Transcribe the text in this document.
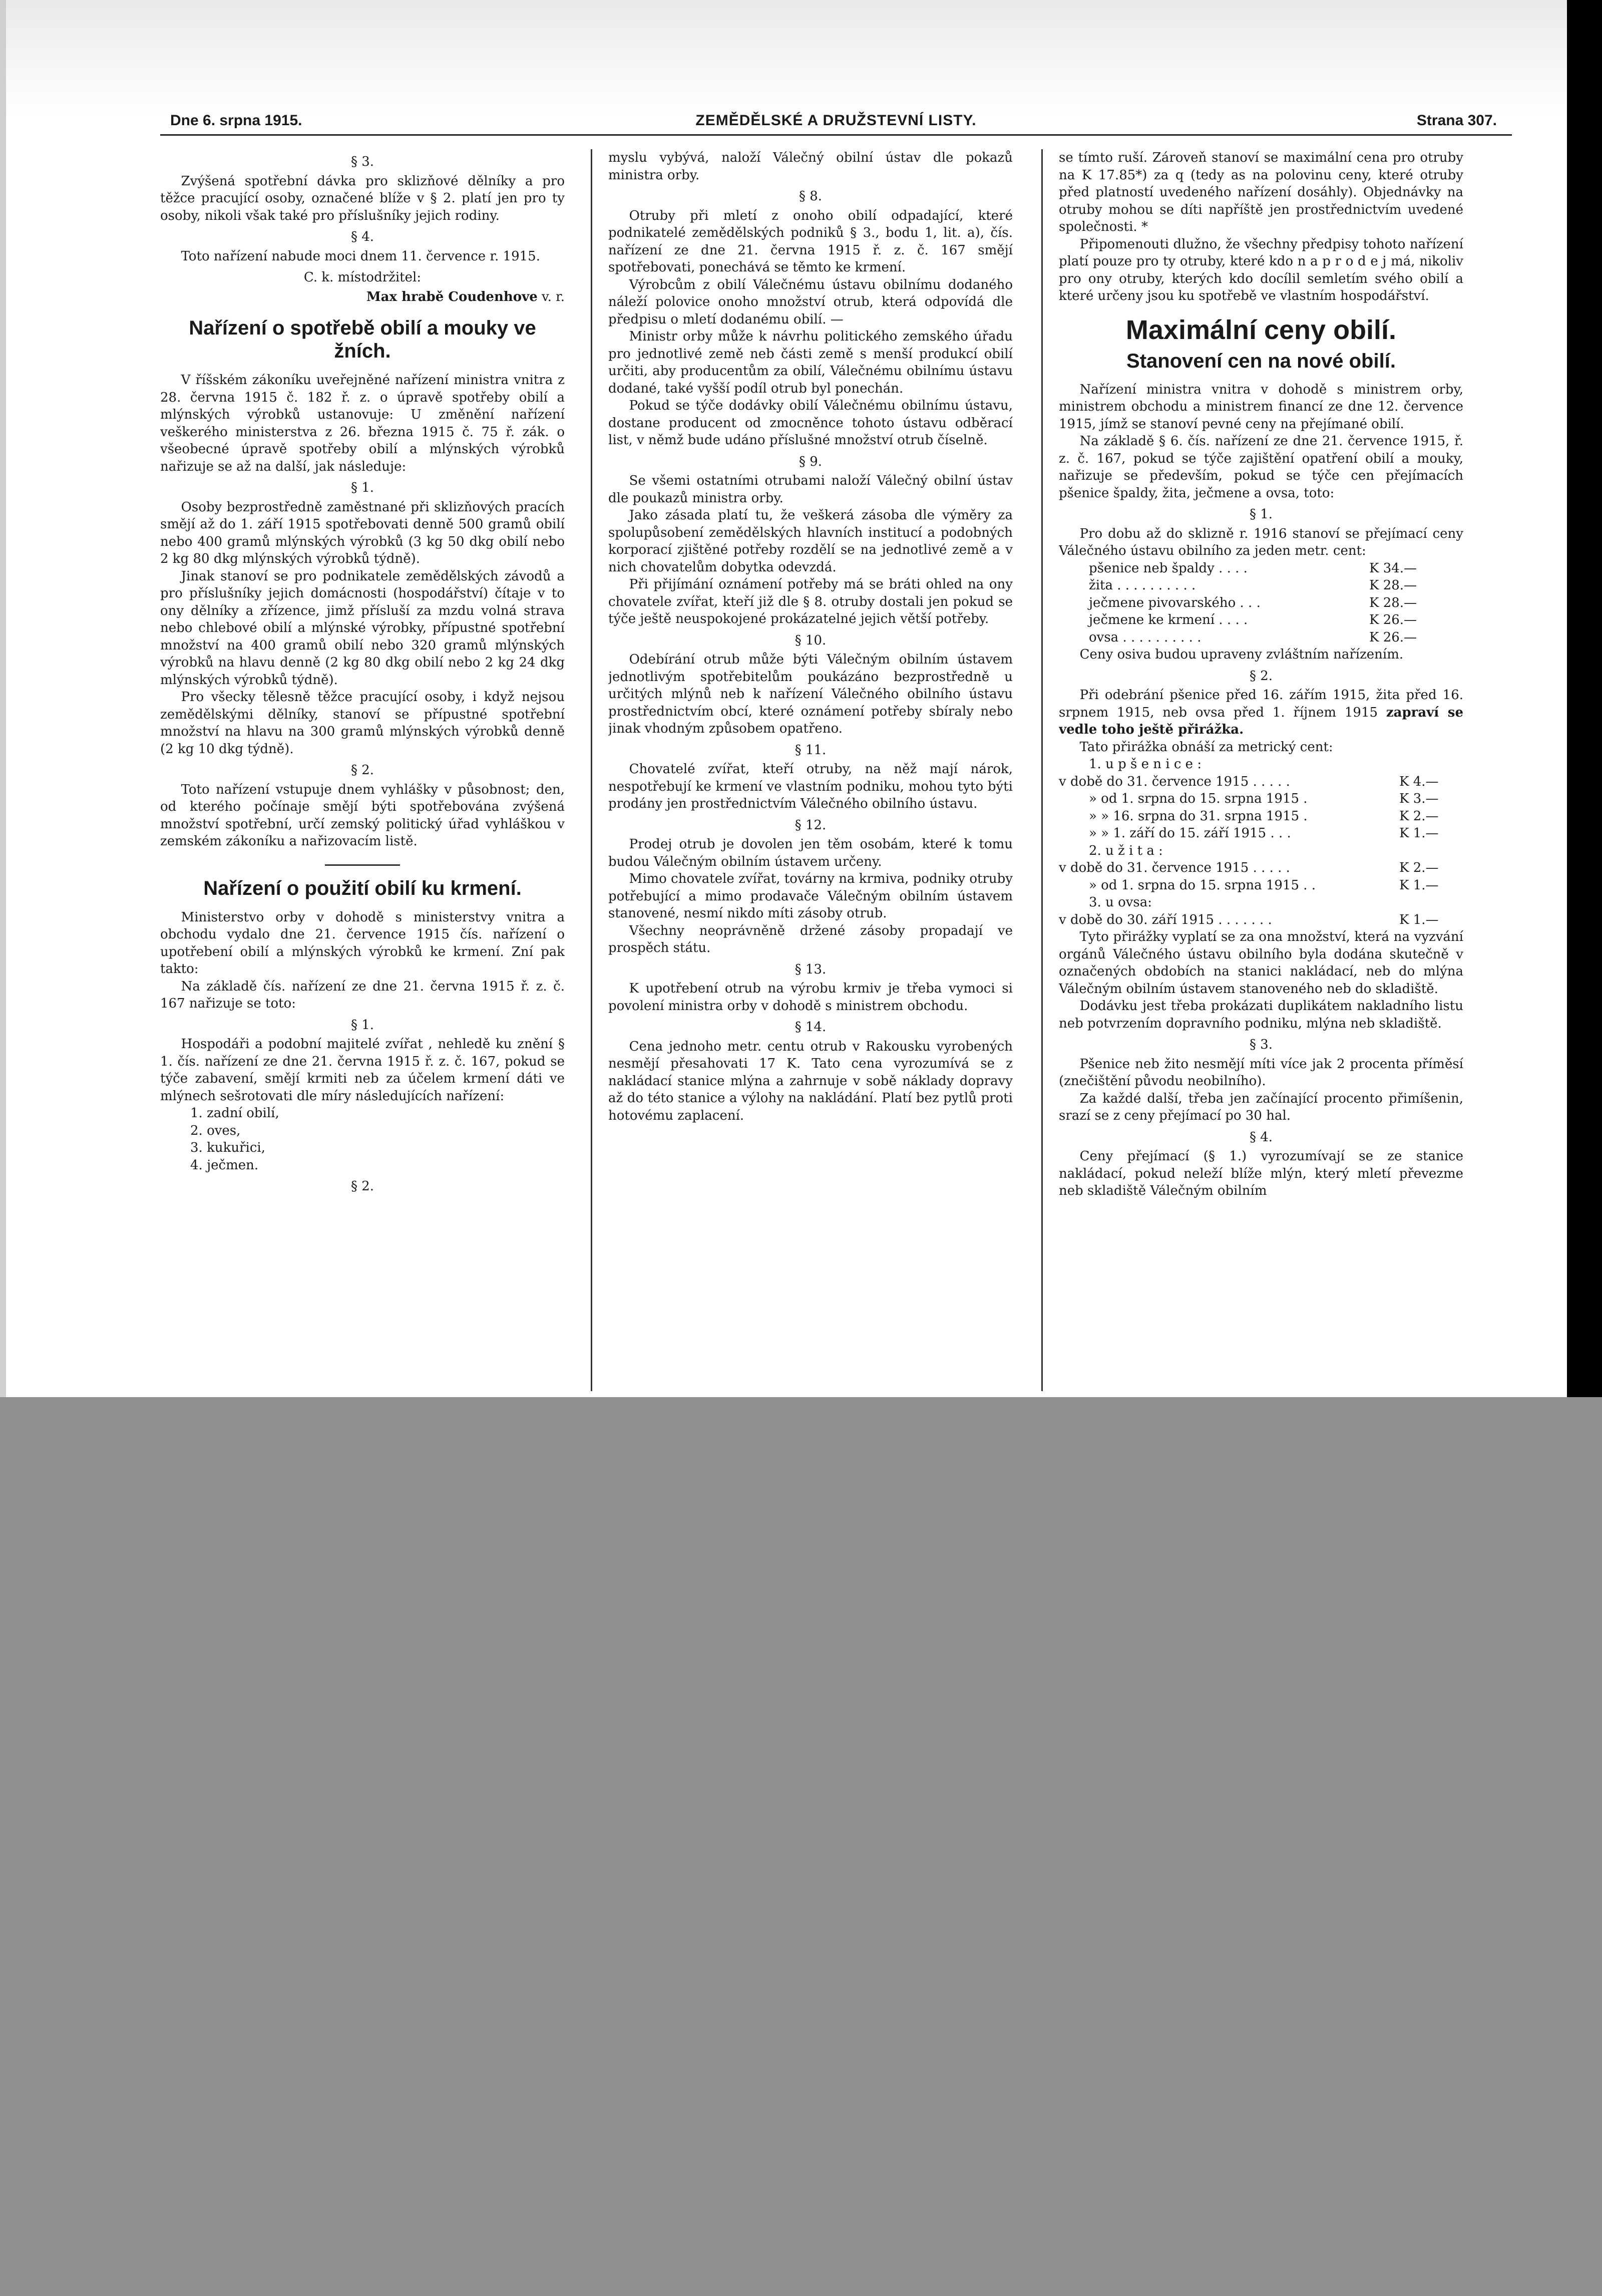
Dne 6. srpna 1915.	ZEMĚDĚLSKÉ A DRUŽSTEVNÍ LISTY.	Strana 307.

§ 3.

Zvýšená spotřební dávka pro sklizňové dělníky a pro těžce pracující osoby, označené blíže v § 2. platí jen pro ty osoby, nikoli však také pro příslušníky jejich rodiny.

§ 4.

Toto nařízení nabude moci dnem 11. července r. 1915.

C. k. místodržitel:

Max hrabě Coudenhove v. r.

Nařízení o spotřebě obilí a mouky ve žních.

V říšském zákoníku uveřejněné nařízení ministra vnitra z 28. června 1915 č. 182 ř. z. o úpravě spotřeby obilí a mlýnských výrobků ustanovuje: U změnění nařízení veškerého ministerstva z 26. března 1915 č. 75 ř. zák. o všeobecné úpravě spotřeby obilí a mlýnských výrobků nařizuje se až na další, jak následuje:

§ 1.

Osoby bezprostředně zaměstnané při sklizňových pracích smějí až do 1. září 1915 spotřebovati denně 500 gramů obilí nebo 400 gramů mlýnských výrobků (3 kg 50 dkg obilí nebo 2 kg 80 dkg mlýnských výrobků týdně).

Jinak stanoví se pro podnikatele zemědělských závodů a pro příslušníky jejich domácnosti (hospodářství) čítaje v to ony dělníky a zřízence, jimž přísluší za mzdu volná strava nebo chlebové obilí a mlýnské výrobky, přípustné spotřební množství na 400 gramů obilí nebo 320 gramů mlýnských výrobků na hlavu denně (2 kg 80 dkg obilí nebo 2 kg 24 dkg mlýnských výrobků týdně).

Pro všecky tělesně těžce pracující osoby, i když nejsou zemědělskými dělníky, stanoví se přípustné spotřební množství na hlavu na 300 gramů mlýnských výrobků denně (2 kg 10 dkg týdně).

§ 2.

Toto nařízení vstupuje dnem vyhlášky v působnost; den, od kterého počínaje smějí býti spotřebována zvýšená množství spotřební, určí zemský politický úřad vyhláškou v zemském zákoníku a nařizovacím listě.

Nařízení o použití obilí ku krmení.

Ministerstvo orby v dohodě s ministerstvy vnitra a obchodu vydalo dne 21. července 1915 čís. nařízení o upotřebení obilí a mlýnských výrobků ke krmení. Zní pak takto:

Na základě čís. nařízení ze dne 21. června 1915 ř. z. č. 167 nařizuje se toto:

§ 1.

Hospodáři a podobní majitelé zvířat , nehledě ku znění § 1. čís. nařízení ze dne 21. června 1915 ř. z. č. 167, pokud se týče zabavení, smějí krmiti neb za účelem krmení dáti ve mlýnech sešrotovati dle míry následujících nařízení:

1. zadní obilí,
2. oves,
3. kukuřici,
4. ječmen.

§ 2.

myslu vybývá, naloží Válečný obilní ústav dle pokazů ministra orby.

§ 8.

Otruby při mletí z onoho obilí odpadající, které podnikatelé zemědělských podniků § 3., bodu 1, lit. a), čís. nařízení ze dne 21. června 1915 ř. z. č. 167 smějí spotřebovati, ponechává se těmto ke krmení.

Výrobcům z obilí Válečnému ústavu obilnímu dodaného náleží polovice onoho množství otrub, která odpovídá dle předpisu o mletí dodanému obilí. —

Ministr orby může k návrhu politického zemského úřadu pro jednotlivé země neb části země s menší produkcí obilí určiti, aby producentům za obilí, Válečnému obilnímu ústavu dodané, také vyšší podíl otrub byl ponechán.

Pokud se týče dodávky obilí Válečnému obilnímu ústavu, dostane producent od zmocněnce tohoto ústavu odběrací list, v němž bude udáno příslušné množství otrub číselně.

§ 9.

Se všemi ostatními otrubami naloží Válečný obilní ústav dle poukazů ministra orby.

Jako zásada platí tu, že veškerá zásoba dle výměry za spolupůsobení zemědělských hlavních institucí a podobných korporací zjištěné potřeby rozdělí se na jednotlivé země a v nich chovatelům dobytka odevzdá.

Při přijímání oznámení potřeby má se bráti ohled na ony chovatele zvířat, kteří již dle § 8. otruby dostali jen pokud se týče ještě neuspokojené prokázatelné jejich větší potřeby.

§ 10.

Odebírání otrub může býti Válečným obilním ústavem jednotlivým spotřebitelům poukázáno bezprostředně u určitých mlýnů neb k nařízení Válečného obilního ústavu prostřednictvím obcí, které oznámení potřeby sbíraly nebo jinak vhodným způsobem opatřeno.

§ 11.

Chovatelé zvířat, kteří otruby, na něž mají nárok, nespotřebují ke krmení ve vlastním podniku, mohou tyto býti prodány jen prostřednictvím Válečného obilního ústavu.

§ 12.

Prodej otrub je dovolen jen těm osobám, které k tomu budou Válečným obilním ústavem určeny.

Mimo chovatele zvířat, továrny na krmiva, podniky otruby potřebující a mimo prodavače Válečným obilním ústavem stanovené, nesmí nikdo míti zásoby otrub.

Všechny neoprávněně držené zásoby propadají ve prospěch státu.

§ 13.

K upotřebení otrub na výrobu krmiv je třeba vymoci si povolení ministra orby v dohodě s ministrem obchodu.

§ 14.

Cena jednoho metr. centu otrub v Rakousku vyrobených nesmějí přesahovati 17 K. Tato cena vyrozumívá se z nakládací stanice mlýna a zahrnuje v sobě náklady dopravy až do této stanice a výlohy na nakládání. Platí bez pytlů proti hotovému zaplacení.

se tímto ruší. Zároveň stanoví se maximální cena pro otruby na K 17.85*) za q (tedy as na polovinu ceny, které otruby před platností uvedeného nařízení dosáhly). Objednávky na otruby mohou se díti napříště jen prostřednictvím uvedené společnosti. *

Připomenouti dlužno, že všechny předpisy tohoto nařízení platí pouze pro ty otruby, které kdo n a p r o d e j má, nikoliv pro ony otruby, kterých kdo docílil semletím svého obilí a které určeny jsou ku spotřebě ve vlastním hospodářství.

Maximální ceny obilí.
Stanovení cen na nové obilí.

Nařízení ministra vnitra v dohodě s ministrem orby, ministrem obchodu a ministrem financí ze dne 12. července 1915, jímž se stanoví pevné ceny na přejímané obilí.

Na základě § 6. čís. nařízení ze dne 21. července 1915, ř. z. č. 167, pokud se týče zajištění opatření obilí a mouky, nařizuje se především, pokud se týče cen přejímacích pšenice špaldy, žita, ječmene a ovsa, toto:

§ 1.

Pro dobu až do sklizně r. 1916 stanoví se přejímací ceny Válečného ústavu obilního za jeden metr. cent:

pšenice neb špaldy . . . .	K 34.—
žita . . . . . . . . . .	K 28.—
ječmene pivovarského . . .	K 28.—
ječmene ke krmení . . . .	K 26.—
ovsa . . . . . . . . . .	K 26.—

Ceny osiva budou upraveny zvláštním nařízením.

§ 2.

Při odebrání pšenice před 16. zářím 1915, žita před 16. srpnem 1915, neb ovsa před 1. říjnem 1915 zapraví se vedle toho ještě přirážka.

Tato přirážka obnáší za metrický cent:

1. u p š e n i c e :
v době do 31. července 1915 . . . . .	K 4.—
» od 1. srpna do 15. srpna 1915 .	K 3.—
» » 16. srpna do 31. srpna 1915 .	K 2.—
» » 1. září do 15. září 1915 . . .	K 1.—
2. u ž i t a :
v době do 31. července 1915 . . . . .	K 2.—
» od 1. srpna do 15. srpna 1915 . .	K 1.—
3. u ovsa:
v době do 30. září 1915 . . . . . . .	K 1.—

Tyto přirážky vyplatí se za ona množství, která na vyzvání orgánů Válečného ústavu obilního byla dodána skutečně v označených obdobích na stanici nakládací, neb do mlýna Válečným obilním ústavem stanoveného neb do skladiště.

Dodávku jest třeba prokázati duplikátem nakladního listu neb potvrzením dopravního podniku, mlýna neb skladiště.

§ 3.

Pšenice neb žito nesmějí míti více jak 2 procenta příměsí (znečištění původu neobilního).

Za každé další, třeba jen začínající procento přimíšenin, srazí se z ceny přejímací po 30 hal.

§ 4.

Ceny přejímací (§ 1.) vyrozumívají se ze stanice nakládací, pokud neleží blíže mlýn, který mletí převezme neb skladiště Válečným obilním
